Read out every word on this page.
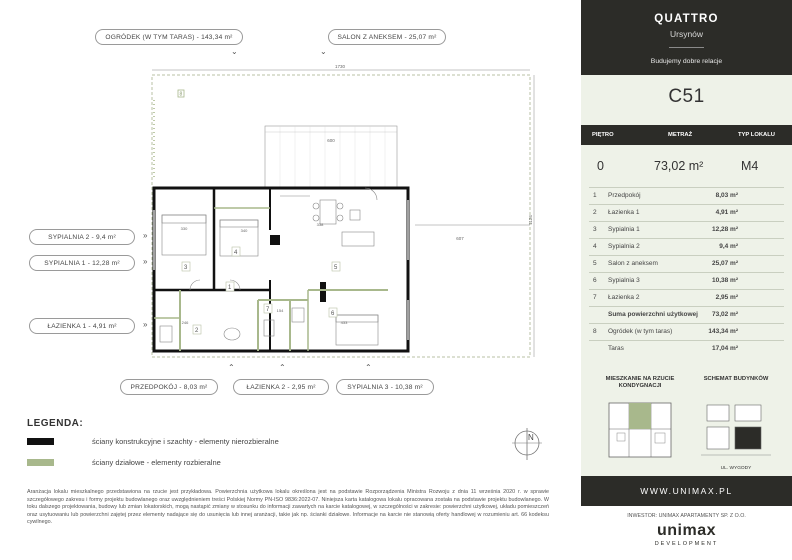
OGRÓDEK (W TYM TARAS) - 143,34 m²
⌄
SALON Z ANEKSEM - 25,07 m²
⌄
SYPIALNIA 2 - 9,4 m²	»
SYPIALNIA 1 - 12,28 m²	»
ŁAZIENKA 1 - 4,91 m²	»
PRZEDPOKÓJ - 8,03 m²
⌃
ŁAZIENKA 2 - 2,95 m²
⌃
SYPIALNIA 3 - 10,38 m²
⌃
1730
1124
607
8
600
330	340
433
246
154
338
1
2
3
4
5
6
7
LEGENDA:
ściany konstrukcyjne i szachty - elementy nierozbieralne
ściany działowe - elementy rozbieralne
N
Aranżacja lokalu mieszkalnego przedstawiona na rzucie jest przykładowa. Powierzchnia użytkowa lokalu określona jest na podstawie Rozporządzenia Ministra Rozwoju z dnia 11 września 2020 r. w sprawie szczegółowego zakresu i formy projektu budowlanego oraz uwzględnieniem treści Polskiej Normy PN-ISO 9836:2022-07. Niniejsza karta katalogowa lokalu opracowana została na podstawie projektu budowlanego. W toku dalszego projektowania, budowy lub zmian lokatorskich, mogą nastąpić zmiany w stosunku do informacji zawartych na karcie katalogowej, w szczególności w zakresie: powierzchni użytkowej, układu pomieszczeń oraz usytuowaniu lub powierzchni zajętej przez elementy nadające się do usunięcia lub innej aranżacji, takie jak np. ścianki działowe. Informacje na karcie nie stanowią oferty handlowej w rozumieniu art. 66 kodeksu cywilnego.
QUATTRO
Ursynów
Budujemy dobre relacje
C51
PIĘTRO	METRAŻ	TYP LOKALU
0	73,02 m²	M4
1 Przedpokój	8,03 m²
2 Łazienka 1	4,91 m²
3 Sypialnia 1	12,28 m²
4 Sypialnia 2	9,4 m²
5 Salon z aneksem	25,07 m²
6 Sypialnia 3	10,38 m²
7 Łazienka 2	2,95 m²
Suma powierzchni użytkowej 73,02 m²
8 Ogródek (w tym taras)	143,34 m²
Taras	17,04 m²
MIESZKANIE NA RZUCIE KONDYGNACJI
SCHEMAT BUDYNKÓW
UL. WYGODY
WWW.UNIMAX.PL
INWESTOR: UNIMAX APARTAMENTY SP. Z O.O.
unimax
DEVELOPMENT
